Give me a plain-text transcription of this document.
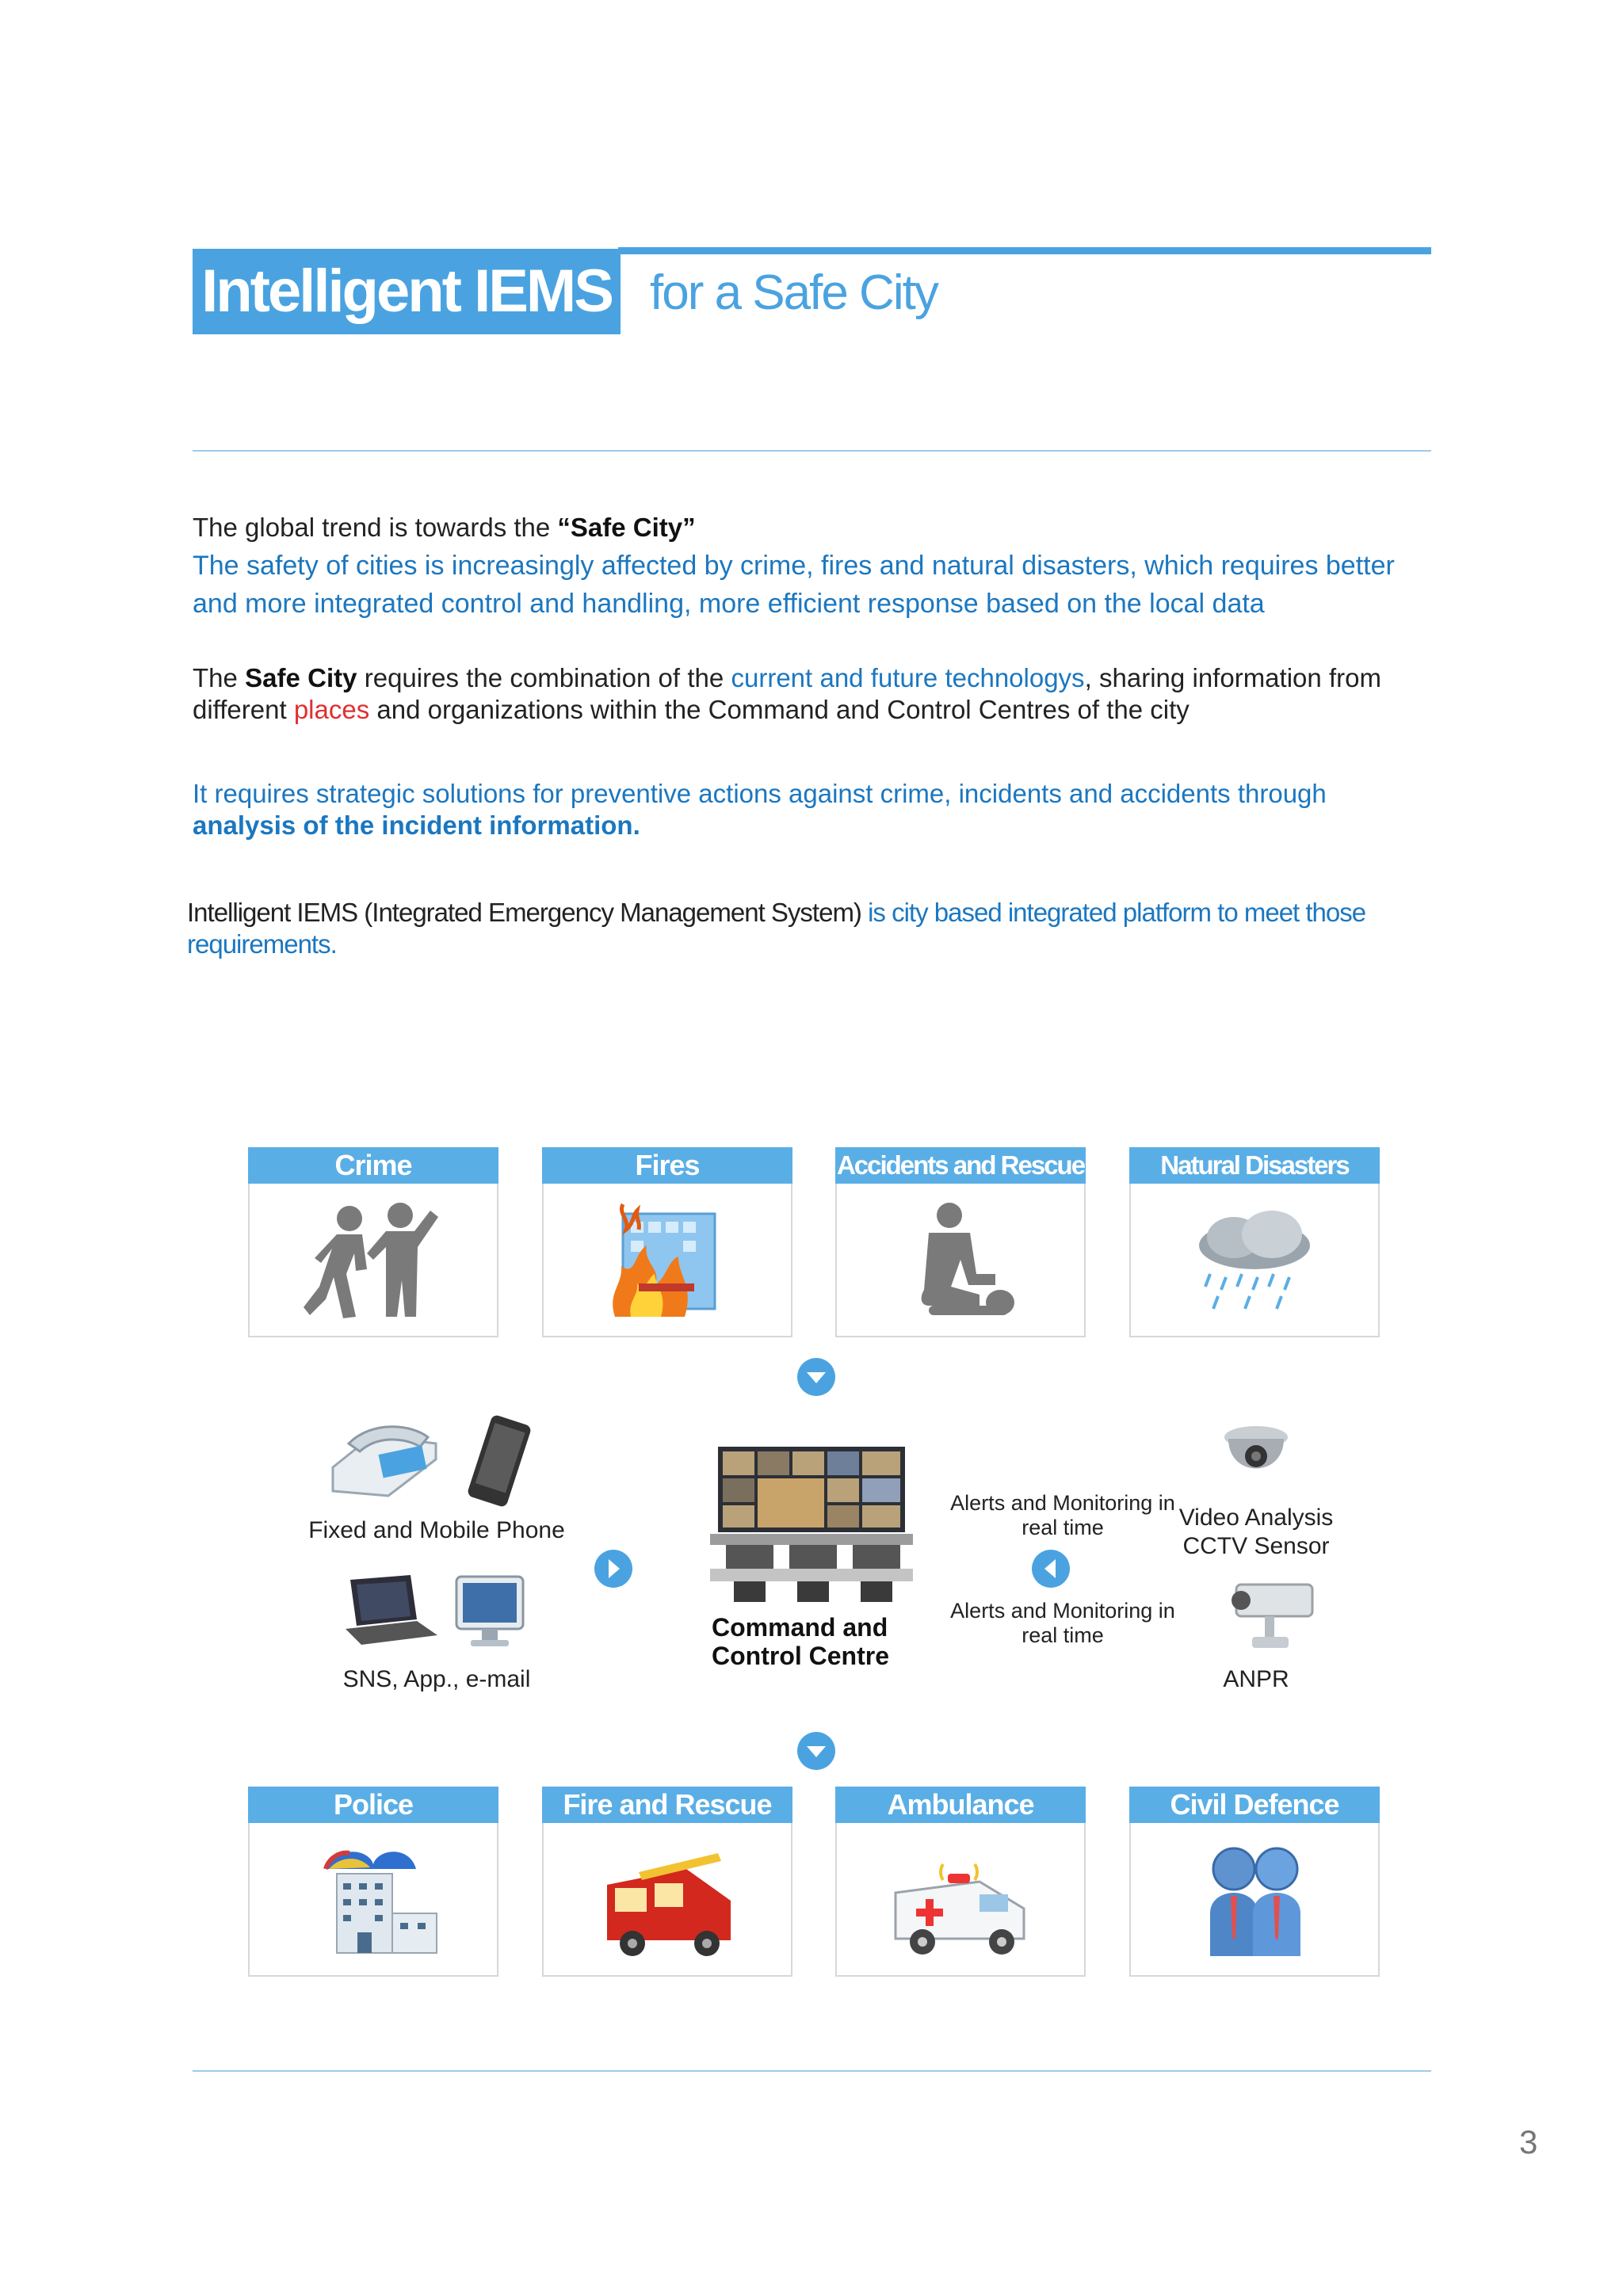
Intelligent IEMS for a Safe City
The global trend is towards the “Safe City”
The safety of cities is increasingly affected by crime, fires and natural disasters, which requires better and more integrated control and handling, more efficient response based on the local data
The Safe City requires the combination of the current and future technologys, sharing information from different places and organizations within the Command and Control Centres of the city
It requires strategic solutions for preventive actions against crime, incidents and accidents through analysis of the incident information.
Intelligent IEMS (Integrated Emergency Management System) is city based integrated platform to meet those requirements.
Crime	Fires	Accidents and Rescue	Natural Disasters
Fixed and Mobile Phone
SNS, App., e-mail
Command and Control Centre
Alerts and Monitoring in real time
Alerts and Monitoring in real time
Video Analysis CCTV Sensor
ANPR
Police	Fire and Rescue	Ambulance	Civil Defence
3
